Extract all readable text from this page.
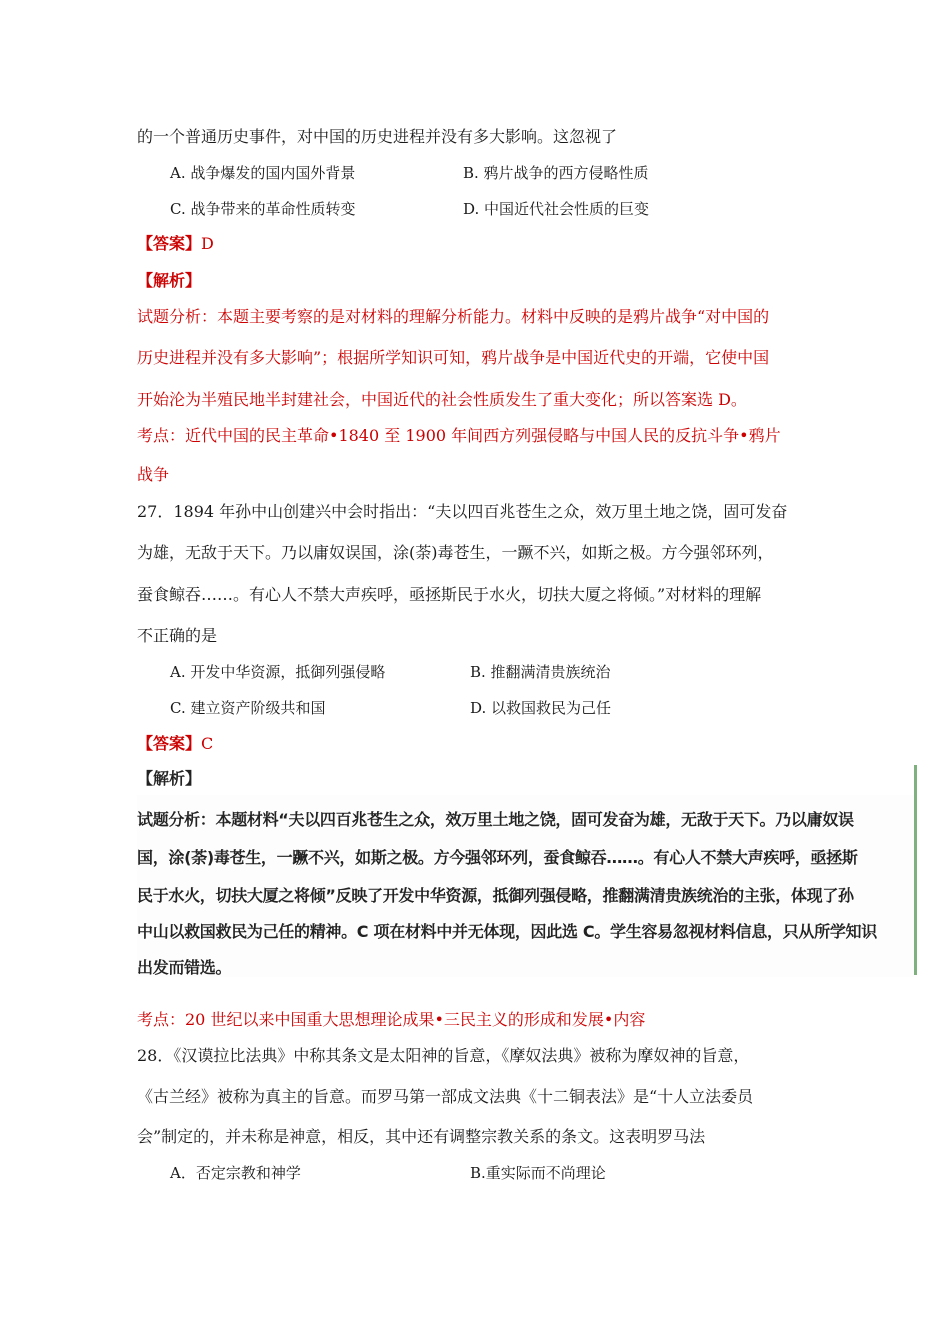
的一个普通历史事件，对中国的历史进程并没有多大影响。这忽视了
A. 战争爆发的国内国外背景	B. 鸦片战争的西方侵略性质
C. 战争带来的革命性质转变	D. 中国近代社会性质的巨变
【答案】D
【解析】
试题分析：本题主要考察的是对材料的理解分析能力。材料中反映的是鸦片战争“对中国的
历史进程并没有多大影响”；根据所学知识可知，鸦片战争是中国近代史的开端，它使中国
开始沦为半殖民地半封建社会，中国近代的社会性质发生了重大变化；所以答案选 D。
考点：近代中国的民主革命•1840 至 1900 年间西方列强侵略与中国人民的反抗斗争•鸦片
战争
27．1894 年孙中山创建兴中会时指出：“夫以四百兆苍生之众，效万里土地之饶，固可发奋
为雄，无敌于天下。乃以庸奴误国，涂(荼)毒苍生，一蹶不兴，如斯之极。方今强邻环列，
蚕食鲸吞……。有心人不禁大声疾呼，亟拯斯民于水火，切扶大厦之将倾。”对材料的理解
不正确的是
A. 开发中华资源，抵御列强侵略	B. 推翻满清贵族统治
C. 建立资产阶级共和国	D. 以救国救民为己任
【答案】C
【解析】
试题分析：本题材料“夫以四百兆苍生之众，效万里土地之饶，固可发奋为雄，无敌于天下。乃以庸奴误
国，涂(荼)毒苍生，一蹶不兴，如斯之极。方今强邻环列，蚕食鲸吞……。有心人不禁大声疾呼，亟拯斯
民于水火，切扶大厦之将倾”反映了开发中华资源，抵御列强侵略，推翻满清贵族统治的主张，体现了孙
中山以救国救民为己任的精神。C 项在材料中并无体现，因此选 C。学生容易忽视材料信息，只从所学知识
出发而错选。
考点：20 世纪以来中国重大思想理论成果•三民主义的形成和发展•内容
28．《汉谟拉比法典》中称其条文是太阳神的旨意，《摩奴法典》被称为摩奴神的旨意，
《古兰经》被称为真主的旨意。而罗马第一部成文法典《十二铜表法》是“十人立法委员
会”制定的，并未称是神意，相反，其中还有调整宗教关系的条文。这表明罗马法
A．否定宗教和神学	B.重实际而不尚理论
